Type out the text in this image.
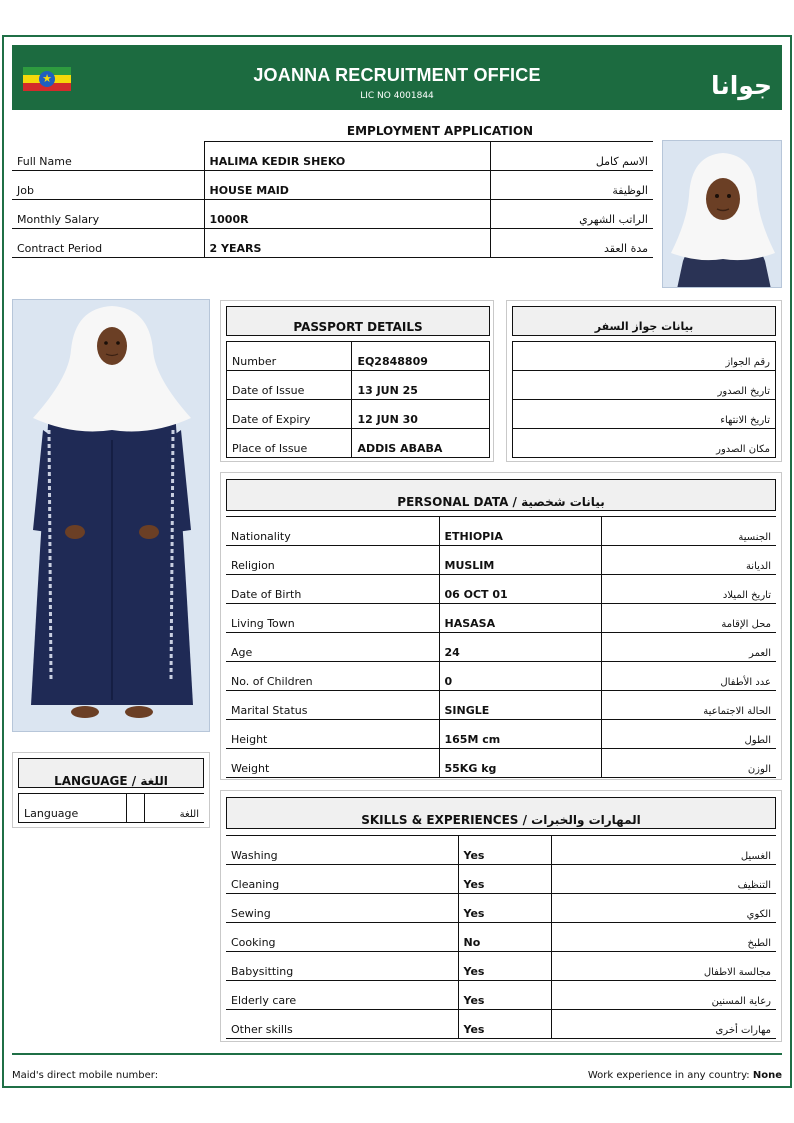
★	JOANNA RECRUITMENT OFFICE
LIC NO 4001844	جوانا
EMPLOYMENT APPLICATION
Full Name	HALIMA KEDIR SHEKO	الاسم كامل
Job	HOUSE MAID	الوظيفة
Monthly Salary	1000R	الراتب الشهري
Contract Period	2 YEARS	مدة العقد
PASSPORT DETAILS
Number	EQ2848809
Date of Issue	13 JUN 25
Date of Expiry	12 JUN 30
Place of Issue	ADDIS ABABA
بيانات جواز السفر
رقم الجواز
تاريخ الصدور
تاريخ الانتهاء
مكان الصدور
PERSONAL DATA / بيانات شخصية
Nationality	ETHIOPIA	الجنسية
Religion	MUSLIM	الديانة
Date of Birth	06 OCT 01	تاريخ الميلاد
Living Town	HASASA	محل الإقامة
Age	24	العمر
No. of Children	0	عدد الأطفال
Marital Status	SINGLE	الحالة الاجتماعية
Height	165M cm	الطول
Weight	55KG kg	الوزن
LANGUAGE / اللغة
Language		اللغة	SKILLS & EXPERIENCES / المهارات والخبرات
Washing	Yes	الغسيل
Cleaning	Yes	التنظيف
Sewing	Yes	الكوي
Cooking	No	الطبخ
Babysitting	Yes	مجالسة الاطفال
Elderly care	Yes	رعاية المسنين
Other skills	Yes	مهارات أخرى
Maid's direct mobile number:	Work experience in any country: None
